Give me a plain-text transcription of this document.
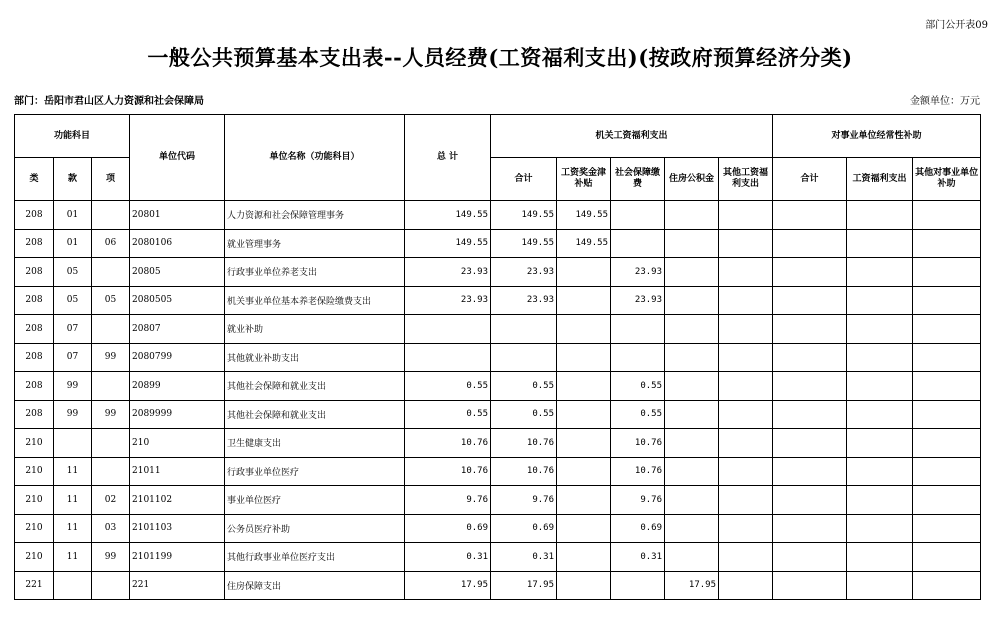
部门公开表09
一般公共预算基本支出表--人员经费(工资福利支出)(按政府预算经济分类)
部门：岳阳市君山区人力资源和社会保障局	金额单位：万元
功能科目			单位代码	单位名称（功能科目）	总 计	机关工资福利支出					对事业单位经常性补助		
类	款	项				合计	工资奖金津补贴	社会保障缴费	住房公积金	其他工资福利支出	合计	工资福利支出	其他对事业单位补助
208	01		20801	人力资源和社会保障管理事务	149.55	149.55	149.55						
208	01	06	2080106	就业管理事务	149.55	149.55	149.55						
208	05		20805	行政事业单位养老支出	23.93	23.93		23.93					
208	05	05	2080505	机关事业单位基本养老保险缴费支出	23.93	23.93		23.93					
208	07		20807	就业补助									
208	07	99	2080799	其他就业补助支出									
208	99		20899	其他社会保障和就业支出	0.55	0.55		0.55					
208	99	99	2089999	其他社会保障和就业支出	0.55	0.55		0.55					
210			210	卫生健康支出	10.76	10.76		10.76					
210	11		21011	行政事业单位医疗	10.76	10.76		10.76					
210	11	02	2101102	事业单位医疗	9.76	9.76		9.76					
210	11	03	2101103	公务员医疗补助	0.69	0.69		0.69					
210	11	99	2101199	其他行政事业单位医疗支出	0.31	0.31		0.31					
221			221	住房保障支出	17.95	17.95			17.95				
